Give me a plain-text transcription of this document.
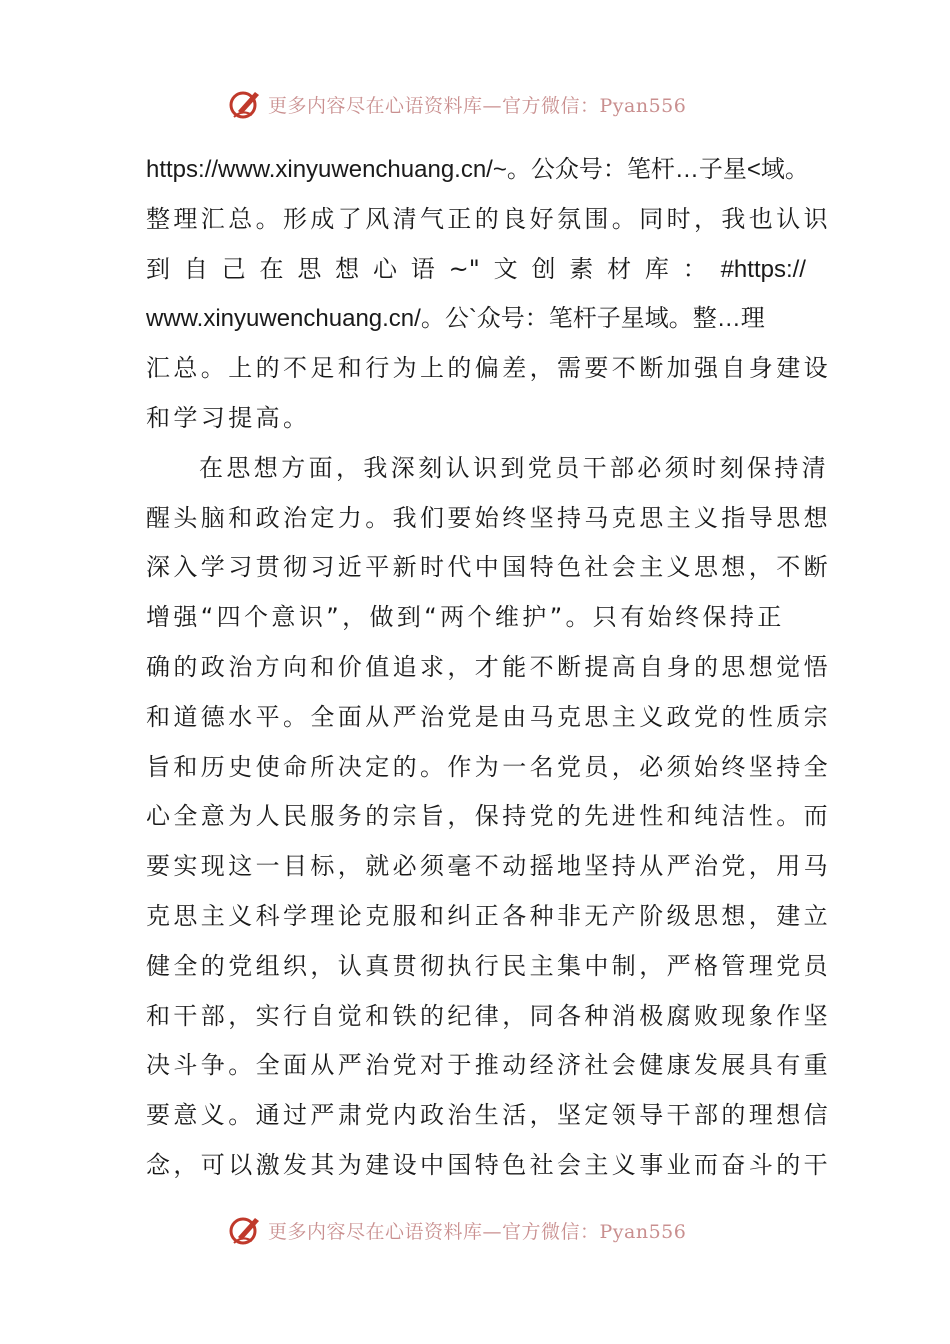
更多内容尽在心语资料库—官方微信：Pyan556
https://www.xinyuwenchuang.cn/~。公众号：笔杆…子星<域。
整理汇总。形成了风清气正的良好氛围。同时，我也认识
到 自 己 在 思 想 心 语 ~" 文 创 素 材 库 ： #https://
www.xinyuwenchuang.cn/。公`众号：笔杆子星域。整…理
汇总。上的不足和行为上的偏差，需要不断加强自身建设
和学习提高。
在思想方面，我深刻认识到党员干部必须时刻保持清
醒头脑和政治定力。我们要始终坚持马克思主义指导思想
深入学习贯彻习近平新时代中国特色社会主义思想，不断
增强“四个意识”，做到“两个维护”。只有始终保持正
确的政治方向和价值追求，才能不断提高自身的思想觉悟
和道德水平。全面从严治党是由马克思主义政党的性质宗
旨和历史使命所决定的。作为一名党员，必须始终坚持全
心全意为人民服务的宗旨，保持党的先进性和纯洁性。而
要实现这一目标，就必须毫不动摇地坚持从严治党，用马
克思主义科学理论克服和纠正各种非无产阶级思想，建立
健全的党组织，认真贯彻执行民主集中制，严格管理党员
和干部，实行自觉和铁的纪律，同各种消极腐败现象作坚
决斗争。全面从严治党对于推动经济社会健康发展具有重
要意义。通过严肃党内政治生活，坚定领导干部的理想信
念，可以激发其为建设中国特色社会主义事业而奋斗的干
更多内容尽在心语资料库—官方微信：Pyan556
